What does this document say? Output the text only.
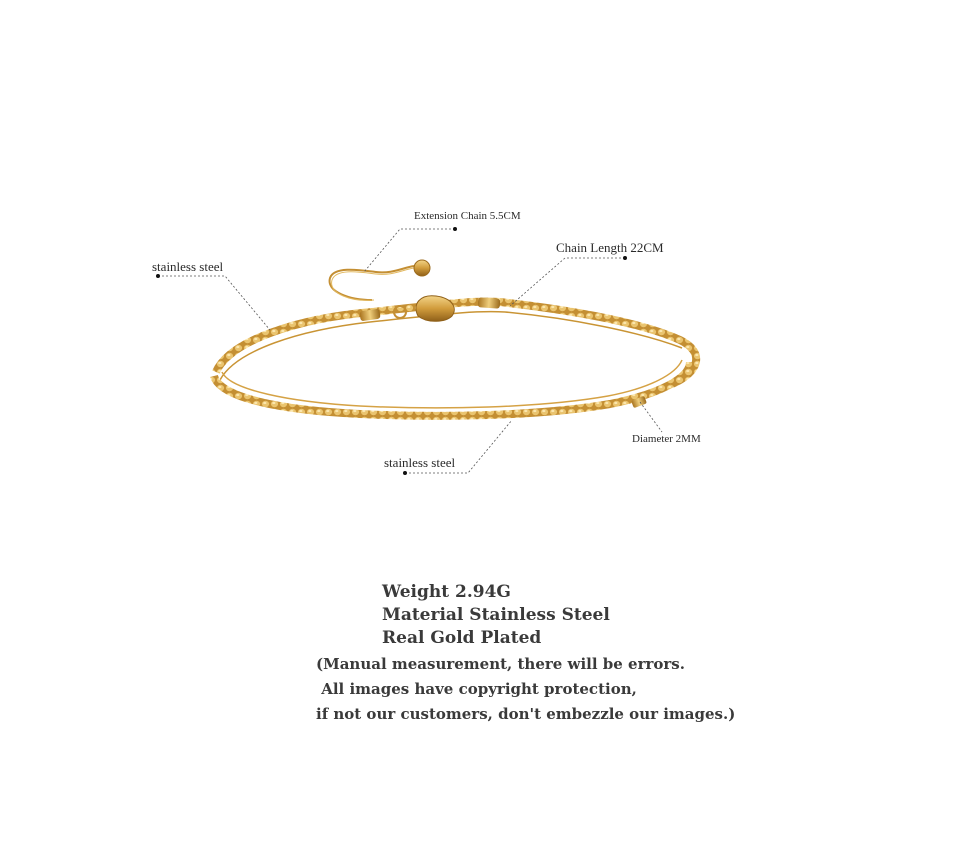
Extension Chain 5.5CM
Chain Length 22CM
stainless steel
stainless steel
Diameter 2MM
Weight 2.94G
Material Stainless Steel
Real Gold Plated
(Manual measurement, there will be errors.
All images have copyright protection,
if not our customers, don't embezzle our images.)
